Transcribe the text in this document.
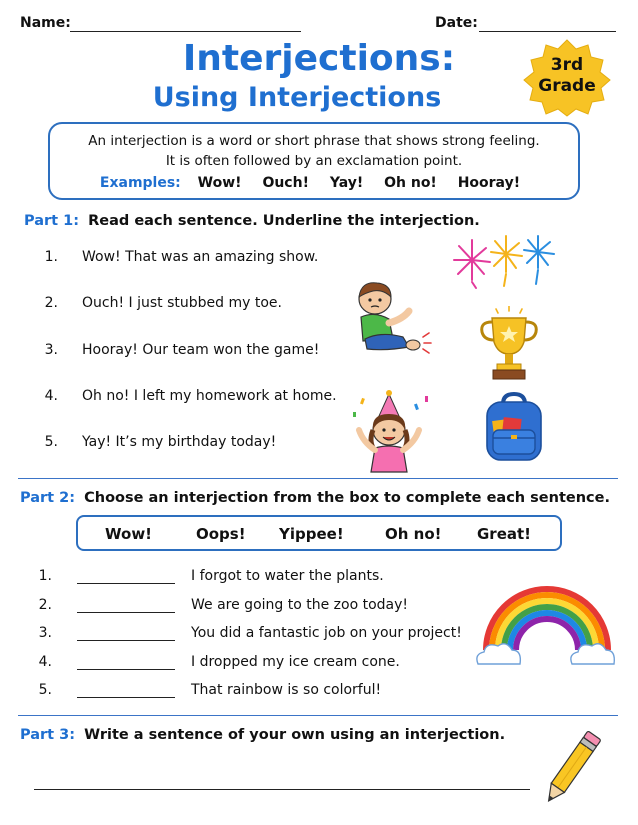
Name:	Date:
Interjections:
Using Interjections
3rd
Grade
An interjection is a word or short phrase that shows strong feeling.
It is often followed by an exclamation point.
Examples: Wow! Ouch! Yay! Oh no! Hooray!
Part 1: Read each sentence. Underline the interjection.
1. Wow! That was an amazing show.
2. Ouch! I just stubbed my toe.
3. Hooray! Our team won the game!
4. Oh no! I left my homework at home.
5. Yay! It’s my birthday today!
Part 2: Choose an interjection from the box to complete each sentence.
Wow!	Oops! Yippee!	Oh no! Great!
1.	I forgot to water the plants.
2.	We are going to the zoo today!
3.	You did a fantastic job on your project!
4.	I dropped my ice cream cone.
5.	That rainbow is so colorful!
Part 3: Write a sentence of your own using an interjection.
